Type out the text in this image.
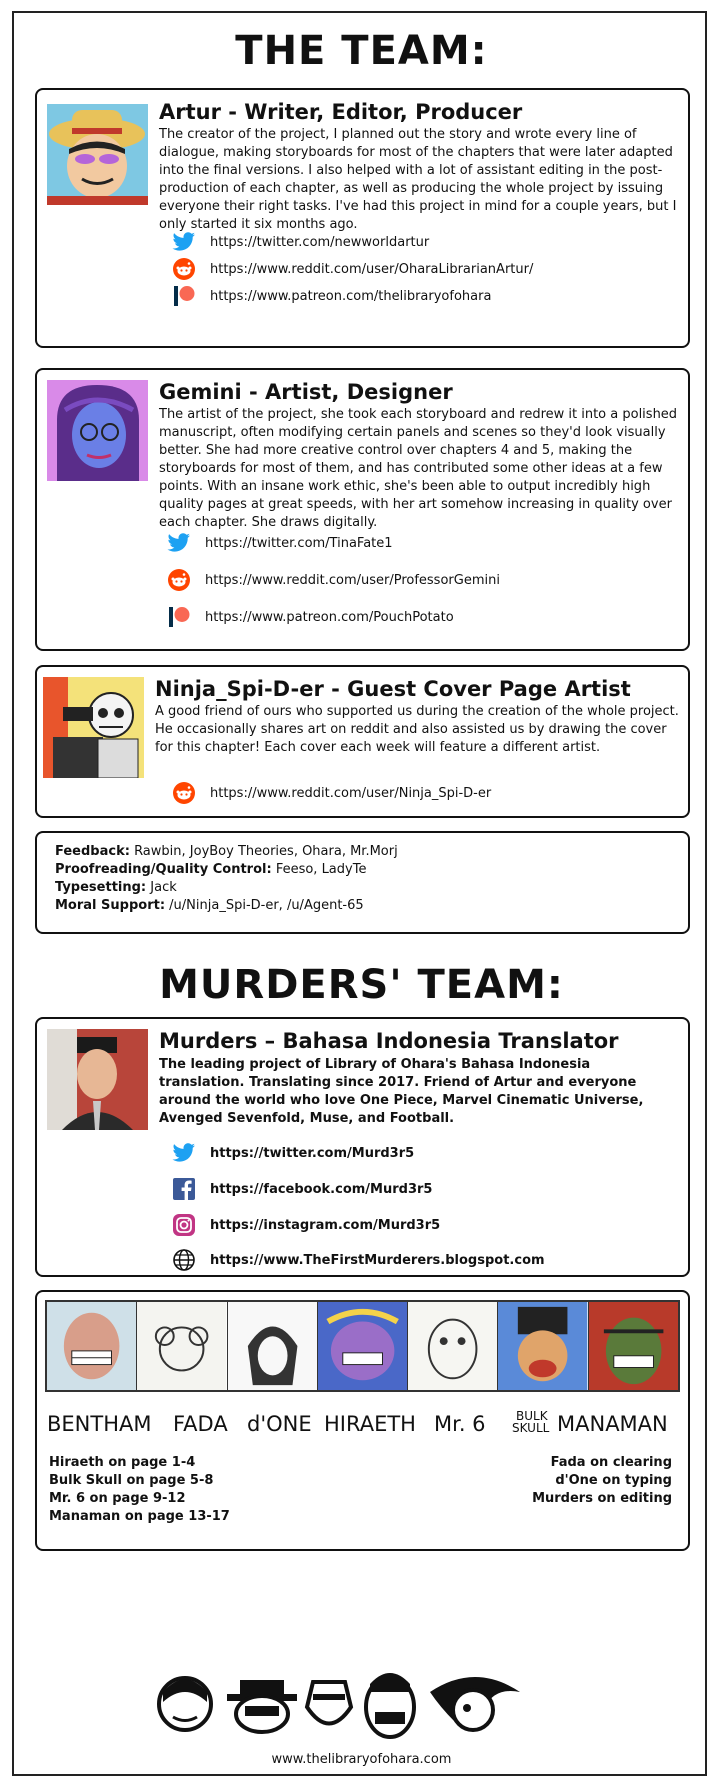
THE TEAM:
Artur - Writer, Editor, Producer
The creator of the project, I planned out the story and wrote every line of dialogue, making storyboards for most of the chapters that were later adapted into the final versions. I also helped with a lot of assistant editing in the post-production of each chapter, as well as producing the whole project by issuing everyone their right tasks. I've had this project in mind for a couple years, but I only started it six months ago.
https://twitter.com/newworldartur
https://www.reddit.com/user/OharaLibrarianArtur/
https://www.patreon.com/thelibraryofohara
Gemini - Artist, Designer
The artist of the project, she took each storyboard and redrew it into a polished manuscript, often modifying certain panels and scenes so they'd look visually better. She had more creative control over chapters 4 and 5, making the storyboards for most of them, and has contributed some other ideas at a few points. With an insane work ethic, she's been able to output incredibly high quality pages at great speeds, with her art somehow increasing in quality over each chapter. She draws digitally.
https://twitter.com/TinaFate1
https://www.reddit.com/user/ProfessorGemini
https://www.patreon.com/PouchPotato
Ninja_Spi-D-er - Guest Cover Page Artist
A good friend of ours who supported us during the creation of the whole project. He occasionally shares art on reddit and also assisted us by drawing the cover for this chapter! Each cover each week will feature a different artist.
https://www.reddit.com/user/Ninja_Spi-D-er
Feedback: Rawbin, JoyBoy Theories, Ohara, Mr.Morj
Proofreading/Quality Control: Feeso, LadyTe
Typesetting: Jack
Moral Support: /u/Ninja_Spi-D-er, /u/Agent-65
MURDERS' TEAM:
Murders – Bahasa Indonesia Translator
The leading project of Library of Ohara's Bahasa Indonesia translation. Translating since 2017. Friend of Artur and everyone around the world who love One Piece, Marvel Cinematic Universe, Avenged Sevenfold, Muse, and Football.
https://twitter.com/Murd3r5
https://facebook.com/Murd3r5
https://instagram.com/Murd3r5
https://www.TheFirstMurderers.blogspot.com
BENTHAM FADA d'ONE HIRAETH Mr. 6	BULK
SKULL MANAMAN
Hiraeth on page 1-4
Bulk Skull on page 5-8
Mr. 6 on page 9-12
Manaman on page 13-17
Fada on clearing
d'One on typing
Murders on editing
www.thelibraryofohara.com
